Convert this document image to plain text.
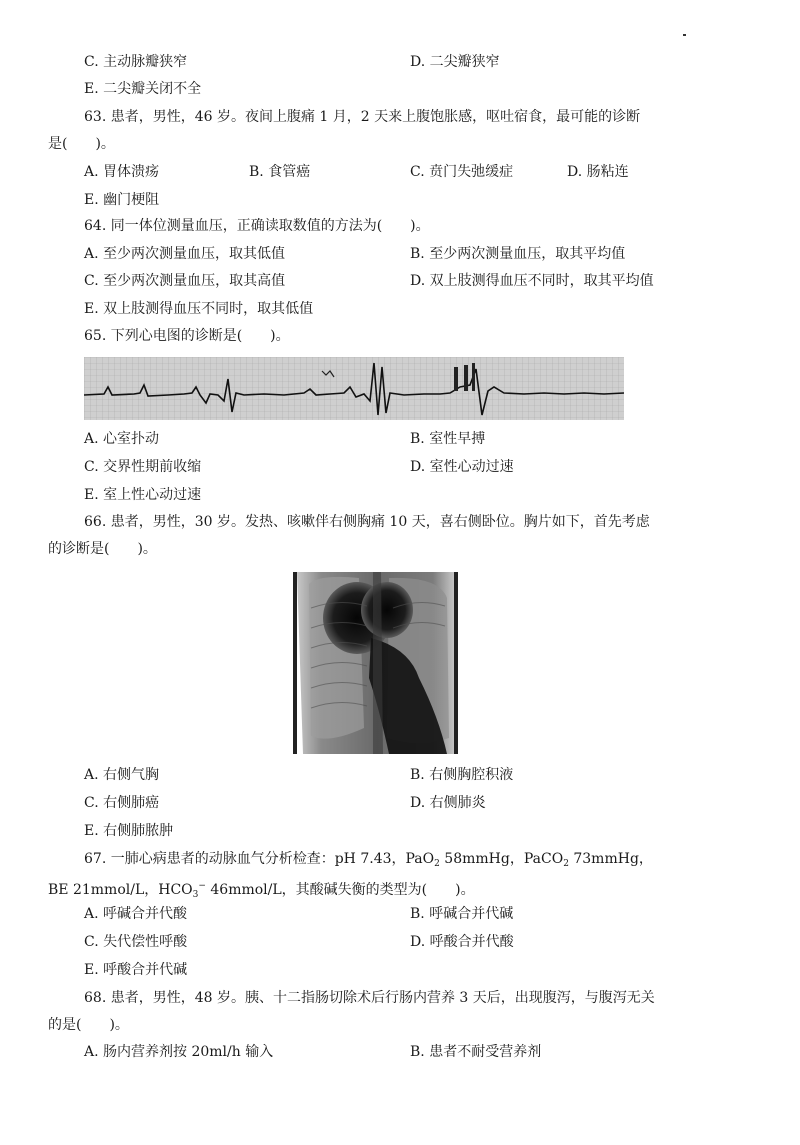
C. 主动脉瓣狭窄	D. 二尖瓣狭窄
E. 二尖瓣关闭不全
63. 患者，男性，46 岁。夜间上腹痛 1 月，2 天来上腹饱胀感，呕吐宿食，最可能的诊断
是(　　)。
A. 胃体溃疡	B. 食管癌	C. 贲门失弛缓症	D. 肠粘连
E. 幽门梗阻
64. 同一体位测量血压，正确读取数值的方法为(　　)。
A. 至少两次测量血压，取其低值	B. 至少两次测量血压，取其平均值
C. 至少两次测量血压，取其高值	D. 双上肢测得血压不同时，取其平均值
E. 双上肢测得血压不同时，取其低值
65. 下列心电图的诊断是(　　)。
A. 心室扑动	B. 室性早搏
C. 交界性期前收缩	D. 室性心动过速
E. 室上性心动过速
66. 患者，男性，30 岁。发热、咳嗽伴右侧胸痛 10 天，喜右侧卧位。胸片如下，首先考虑
的诊断是(　　)。
A. 右侧气胸	B. 右侧胸腔积液
C. 右侧肺癌	D. 右侧肺炎
E. 右侧肺脓肿
67. 一肺心病患者的动脉血气分析检查：pH 7.43，PaO$_2$ 58mmHg，PaCO$_2$ 73mmHg，
BE 21mmol/L，$HCO_3^-$ 46mmol/L，其酸碱失衡的类型为(　　)。
A. 呼碱合并代酸	B. 呼碱合并代碱
C. 失代偿性呼酸	D. 呼酸合并代酸
E. 呼酸合并代碱
68. 患者，男性，48 岁。胰、十二指肠切除术后行肠内营养 3 天后，出现腹泻，与腹泻无关
的是(　　)。
A. 肠内营养剂按 20ml/h 输入	B. 患者不耐受营养剂
